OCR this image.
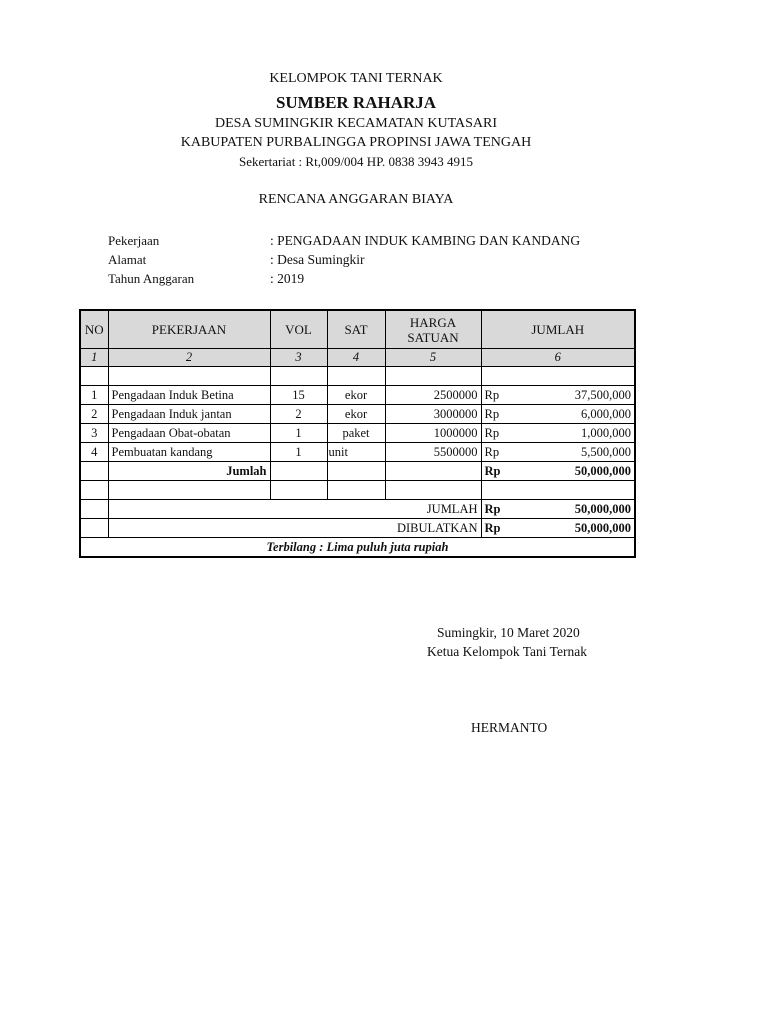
KELOMPOK TANI TERNAK
SUMBER RAHARJA
DESA SUMINGKIR KECAMATAN KUTASARI
KABUPATEN PURBALINGGA PROPINSI JAWA TENGAH
Sekertariat : Rt,009/004 HP. 0838 3943 4915
RENCANA ANGGARAN BIAYA
Pekerjaan	: PENGADAAN INDUK KAMBING DAN KANDANG
Alamat	: Desa Sumingkir
Tahun Anggaran	: 2019
NO	PEKERJAAN	VOL	SAT	HARGA
SATUAN	JUMLAH
1	2	3	4	5	6

1	Pengadaan Induk Betina	15	ekor	2500000	Rp 37,500,000

2	Pengadaan Induk jantan	2	ekor	3000000	Rp 6,000,000

3	Pengadaan Obat-obatan	1	paket	1000000	Rp 1,000,000

4	Pembuatan kandang	1	unit	5500000	Rp 5,500,000

	Jumlah				Rp 50,000,000

	JUMLAH				Rp 50,000,000

	DIBULATKAN				Rp 50,000,000

Terbilang : Lima puluh juta rupiah					
Sumingkir, 10 Maret 2020
Ketua Kelompok Tani Ternak
HERMANTO
